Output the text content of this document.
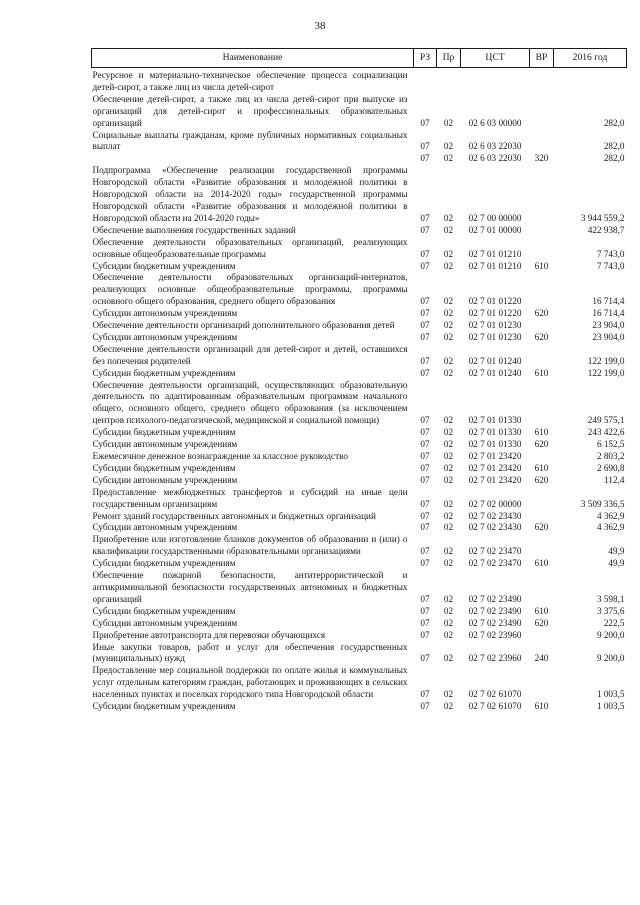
38
Наименование	РЗ	Пр	ЦСТ	ВР	2016 год
Ресурсное и материально-техническое обеспечение процесса социализации детей-сирот, а также лиц из числа детей-сирот					
Обеспечение детей-сирот, а также лиц из числа детей-сирот при выпуске из организаций для детей-сирот и профессиональных образовательных организаций	07	02	02 6 03 00000		282,0
Социальные выплаты гражданам, кроме публичных нормативных социальных выплат	07	02	02 6 03 22030		282,0
	07	02	02 6 03 22030	320	282,0
Подпрограмма «Обеспечение реализации государственной программы Новгородской области «Развитие образования и молодежной политики в Новгородской области на 2014-2020 годы» государственной программы Новгородской области «Развитие образования и молодежной политики в Новгородской области на 2014-2020 годы»	07	02	02 7 00 00000		3 944 559,2
Обеспечение выполнения государственных заданий	07	02	02 7 01 00000		422 938,7
Обеспечение деятельности образовательных организаций, реализующих основные общеобразовательные программы	07	02	02 7 01 01210		7 743,0
Субсидии бюджетным учреждениям	07	02	02 7 01 01210	610	7 743,0
Обеспечение деятельности образовательных организаций-интернатов, реализующих основные общеобразовательные программы, программы основного общего образования, среднего общего образования	07	02	02 7 01 01220		16 714,4
Субсидии автономным учреждениям	07	02	02 7 01 01220	620	16 714,4
Обеспечение деятельности организаций дополнительного образования детей	07	02	02 7 01 01230		23 904,0
Субсидии автономным учреждениям	07	02	02 7 01 01230	620	23 904,0
Обеспечение деятельности организаций для детей-сирот и детей, оставшихся без попечения родителей	07	02	02 7 01 01240		122 199,0
Субсидии бюджетным учреждениям	07	02	02 7 01 01240	610	122 199,0
Обеспечение деятельности организаций, осуществляющих образовательную деятельность по адаптированным образовательным программам начального общего, основного общего, среднего общего образования (за исключением центров психолого-педагогической, медицинской и социальной помощи)	07	02	02 7 01 01330		249 575,1
Субсидии бюджетным учреждениям	07	02	02 7 01 01330	610	243 422,6
Субсидии автономным учреждениям	07	02	02 7 01 01330	620	6 152,5
Ежемесячное денежное вознаграждение за классное руководство	07	02	02 7 01 23420		2 803,2
Субсидии бюджетным учреждениям	07	02	02 7 01 23420	610	2 690,8
Субсидии автономным учреждениям	07	02	02 7 01 23420	620	112,4
Предоставление межбюджетных трансфертов и субсидий на иные цели государственным организациям	07	02	02 7 02 00000		3 509 336,5
Ремонт зданий государственных автономных и бюджетных организаций	07	02	02 7 02 23430		4 362,9
Субсидии автономным учреждениям	07	02	02 7 02 23430	620	4 362,9
Приобретение или изготовление бланков документов об образовании и (или) о квалификации государственными образовательными организациями	07	02	02 7 02 23470		49,9
Субсидии бюджетным учреждениям	07	02	02 7 02 23470	610	49,9
Обеспечение пожарной безопасности, антитеррористической и антикриминальной безопасности государственных автономных и бюджетных организаций	07	02	02 7 02 23490		3 598,1
Субсидии бюджетным учреждениям	07	02	02 7 02 23490	610	3 375,6
Субсидии автономным учреждениям	07	02	02 7 02 23490	620	222,5
Приобретение автотранспорта для перевозки обучающихся	07	02	02 7 02 23960		9 200,0
Иные закупки товаров, работ и услуг для обеспечения государственных (муниципальных) нужд	07	02	02 7 02 23960	240	9 200,0
Предоставление мер социальной поддержки по оплате жилья и коммунальных услуг отдельным категориям граждан, работающих и проживающих в сельских населенных пунктах и поселках городского типа Новгородской области	07	02	02 7 02 61070		1 003,5
Субсидии бюджетным учреждениям	07	02	02 7 02 61070	610	1 003,5
